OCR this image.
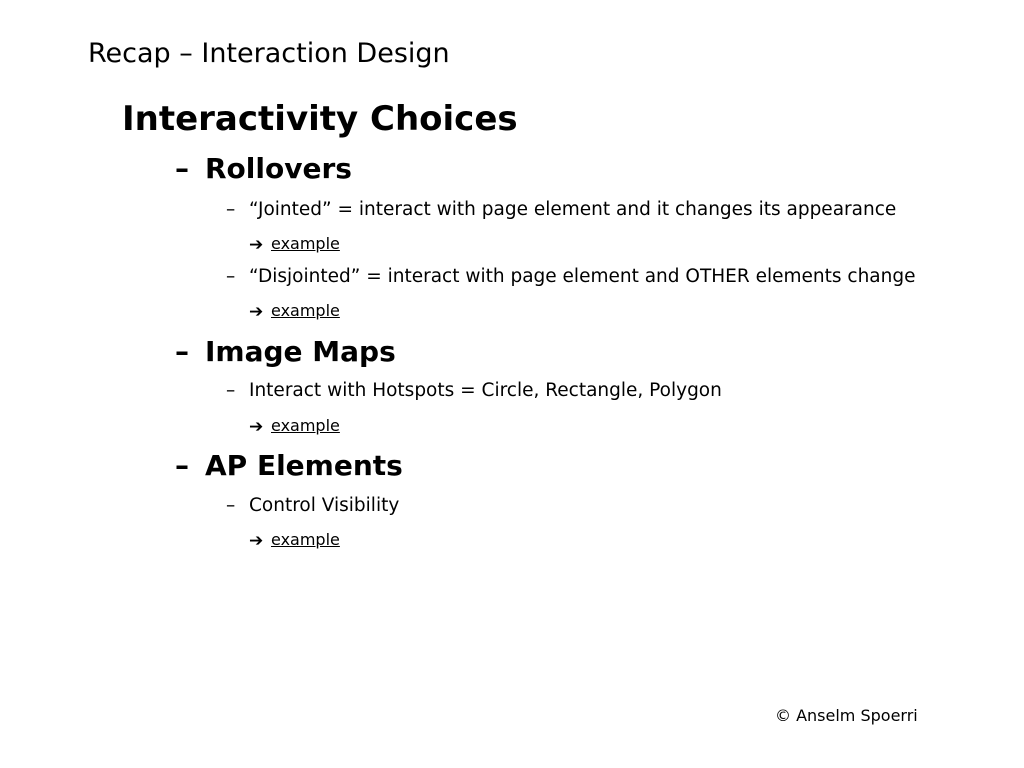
Recap – Interaction Design
Interactivity Choices
– Rollovers
– “Jointed” = interact with page element and it changes its appearance
➔ example
– “Disjointed” = interact with page element and OTHER elements change
➔ example
– Image Maps
– Interact with Hotspots = Circle, Rectangle, Polygon
➔ example
– AP Elements
– Control Visibility
➔ example
© Anselm Spoerri
